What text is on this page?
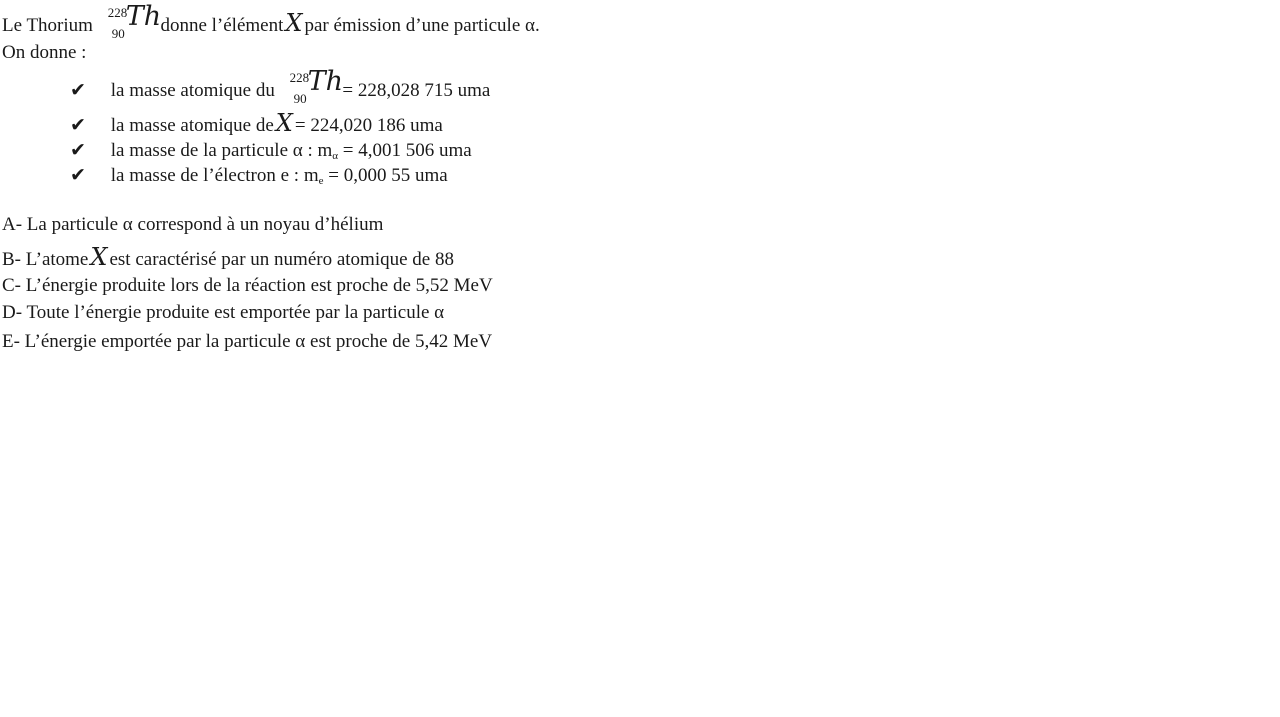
Le Thorium
228
90
Th donne l’élémentX par émission d’une particule α.
On donne :
✔ la masse atomique du
228
90
Th = 228,028 715 uma
✔ la masse atomique deX = 224,020 186 uma
✔ la masse de la particule α : $m_\alpha = 4,001$ 506 uma
✔ la masse de l’électron e : $m_e = 0,000$ 55 uma
A- La particule α correspond à un noyau d’hélium
B- L’atomeX est caractérisé par un numéro atomique de 88
C- L’énergie produite lors de la réaction est proche de 5,52 MeV
D- Toute l’énergie produite est emportée par la particule α
E- L’énergie emportée par la particule α est proche de 5,42 MeV
